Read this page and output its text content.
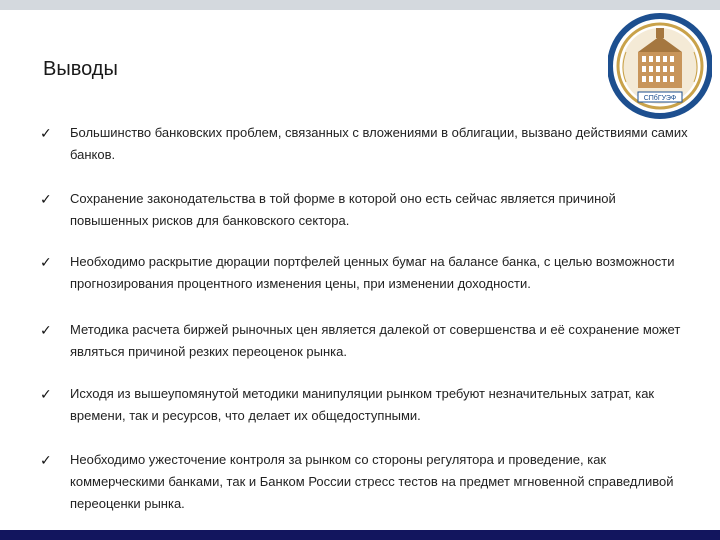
Выводы
СПбГУЭФ
✓ Большинство банковских проблем, связанных с вложениями в облигации, вызвано действиями самих банков.
✓ Сохранение законодательства в той форме в которой оно есть сейчас является причиной повышенных рисков для банковского сектора.
✓ Необходимо раскрытие дюрации портфелей ценных бумаг на балансе банка, с целью возможности прогнозирования процентного изменения цены, при изменении доходности.
✓ Методика расчета биржей рыночных цен является далекой от совершенства и её сохранение может являться причиной резких переоценок рынка.
✓ Исходя из вышеупомянутой методики манипуляции рынком требуют незначительных затрат, как времени, так и ресурсов, что делает их общедоступными.
✓ Необходимо ужесточение контроля за рынком со стороны регулятора и проведение, как коммерческими банками, так и Банком России стресс тестов на предмет мгновенной справедливой переоценки рынка.
